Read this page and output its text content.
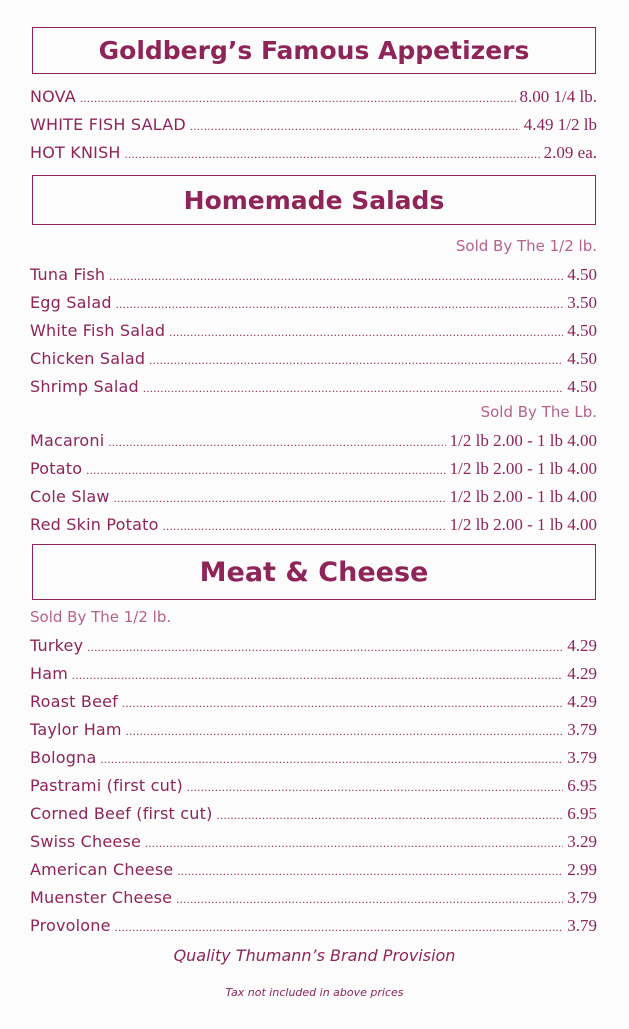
Goldberg’s Famous Appetizers
NOVA .....	8.00 1/4 lb.
WHITE FISH SALAD .....	4.49 1/2 lb
HOT KNISH .....	2.09 ea.
Homemade Salads
Sold By The 1/2 lb.
Tuna Fish .....	4.50
Egg Salad .....	3.50
White Fish Salad .....	4.50
Chicken Salad .....	4.50
Shrimp Salad .....	4.50
Sold By The Lb.
Macaroni .....	1/2 lb 2.00 - 1 lb 4.00
Potato .....	1/2 lb 2.00 - 1 lb 4.00
Cole Slaw .....	1/2 lb 2.00 - 1 lb 4.00
Red Skin Potato .....	1/2 lb 2.00 - 1 lb 4.00
Meat & Cheese
Sold By The 1/2 lb.
Turkey .....	4.29
Ham .....	4.29
Roast Beef .....	4.29
Taylor Ham .....	3.79
Bologna .....	3.79
Pastrami (first cut) .....	6.95
Corned Beef (first cut) .....	6.95
Swiss Cheese .....	3.29
American Cheese .....	2.99
Muenster Cheese .....	3.79
Provolone .....	3.79
Quality Thumann’s Brand Provision
Tax not included in above prices
